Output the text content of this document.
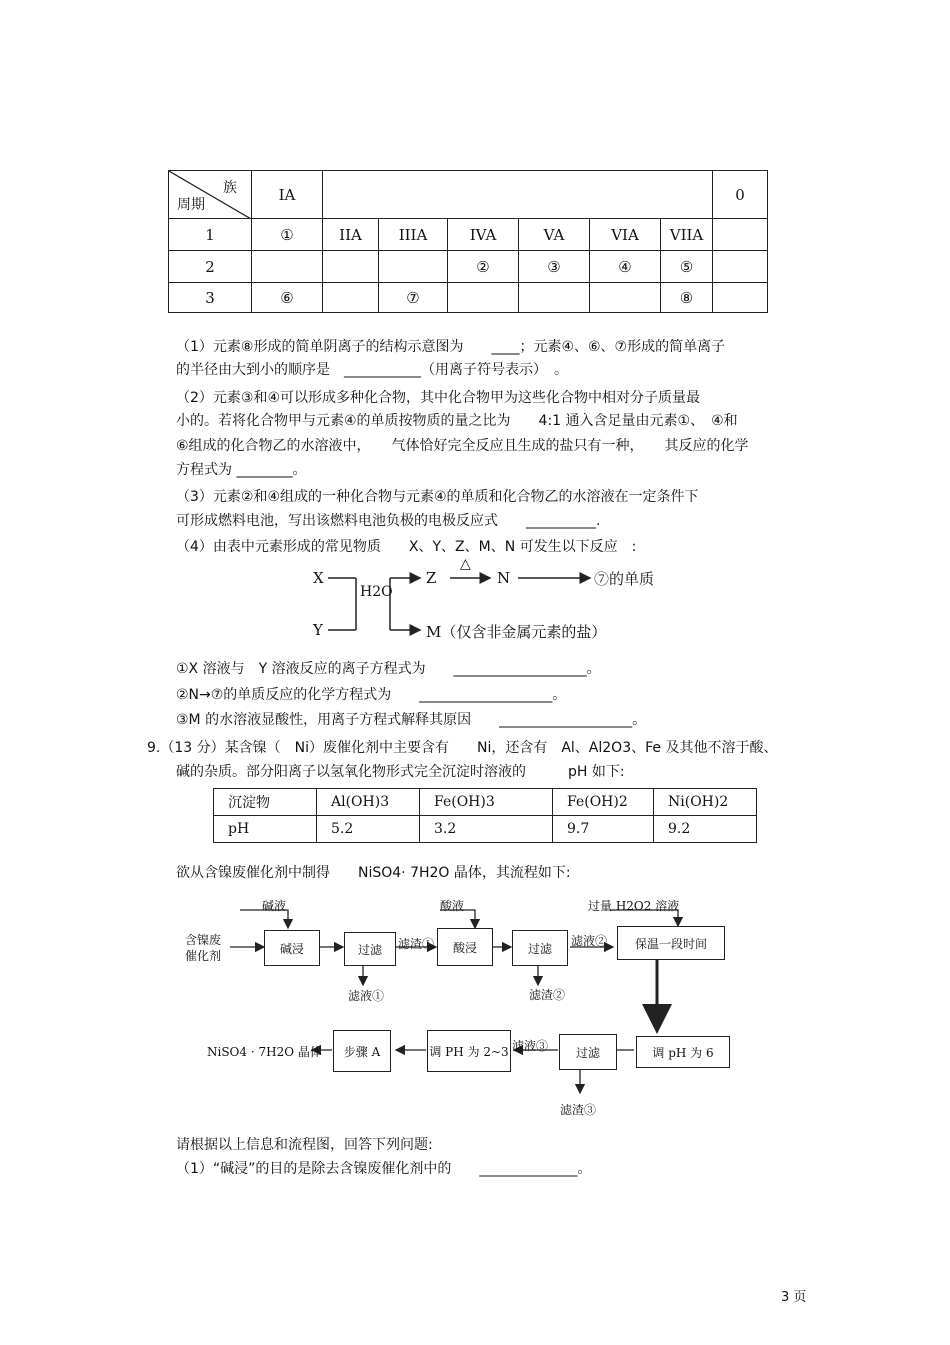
族
周期	IA							0
1	①	IIA	IIIA	IVA	VA	VIA	VIIA	
2				②	③	④	⑤	
3	⑥		⑦				⑧	
（1）元素⑧形成的简单阴离子的结构示意图为　　____；元素④、⑥、⑦形成的简单离子
的半径由大到小的顺序是　___________（用离子符号表示）　。
（2）元素③和④可以形成多种化合物，其中化合物甲为这些化合物中相对分子质量最
小的。若将化合物甲与元素④的单质按物质的量之比为　　4:1 通入含足量由元素①、　④和
⑥组成的化合物乙的水溶液中，　　气体恰好完全反应且生成的盐只有一种，　　其反应的化学
方程式为 ________。
（3）元素②和④组成的一种化合物与元素④的单质和化合物乙的水溶液在一定条件下
可形成燃料电池，写出该燃料电池负极的电极反应式　　__________.
（4）由表中元素形成的常见物质　　X、Y、Z、M、N 可发生以下反应　:
X
Y
H2O
Z
△
N	⑦的单质
M（仅含非金属元素的盐）
①X 溶液与　Y 溶液反应的离子方程式为　　___________________。
②N→⑦的单质反应的化学方程式为　　___________________。
③M 的水溶液显酸性，用离子方程式解释其原因　　___________________。
9.（13 分）某含镍（　Ni）废催化剂中主要含有　　Ni，还含有　Al、Al2O3、Fe 及其他不溶于酸、
碱的杂质。部分阳离子以氢氧化物形式完全沉淀时溶液的　　　pH 如下:
沉淀物	Al(OH)3	Fe(OH)3	Fe(OH)2	Ni(OH)2
pH	5.2	3.2	9.7	9.2
欲从含镍废催化剂中制得　　NiSO4· 7H2O 晶体，其流程如下:
含镍废
催化剂
碱液
碱浸	过滤	滤渣①
滤液①
酸液
酸浸	过滤
滤液②
滤渣②
过量 H2O2 溶液
保温一段时间
调 pH 为 6
过滤
滤液③
滤渣③
调 PH 为 2~3
步骤 A
NiSO4 · 7H2O 晶体
请根据以上信息和流程图，回答下列问题:
（1）“碱浸”的目的是除去含镍废催化剂中的　　______________。
3 页
